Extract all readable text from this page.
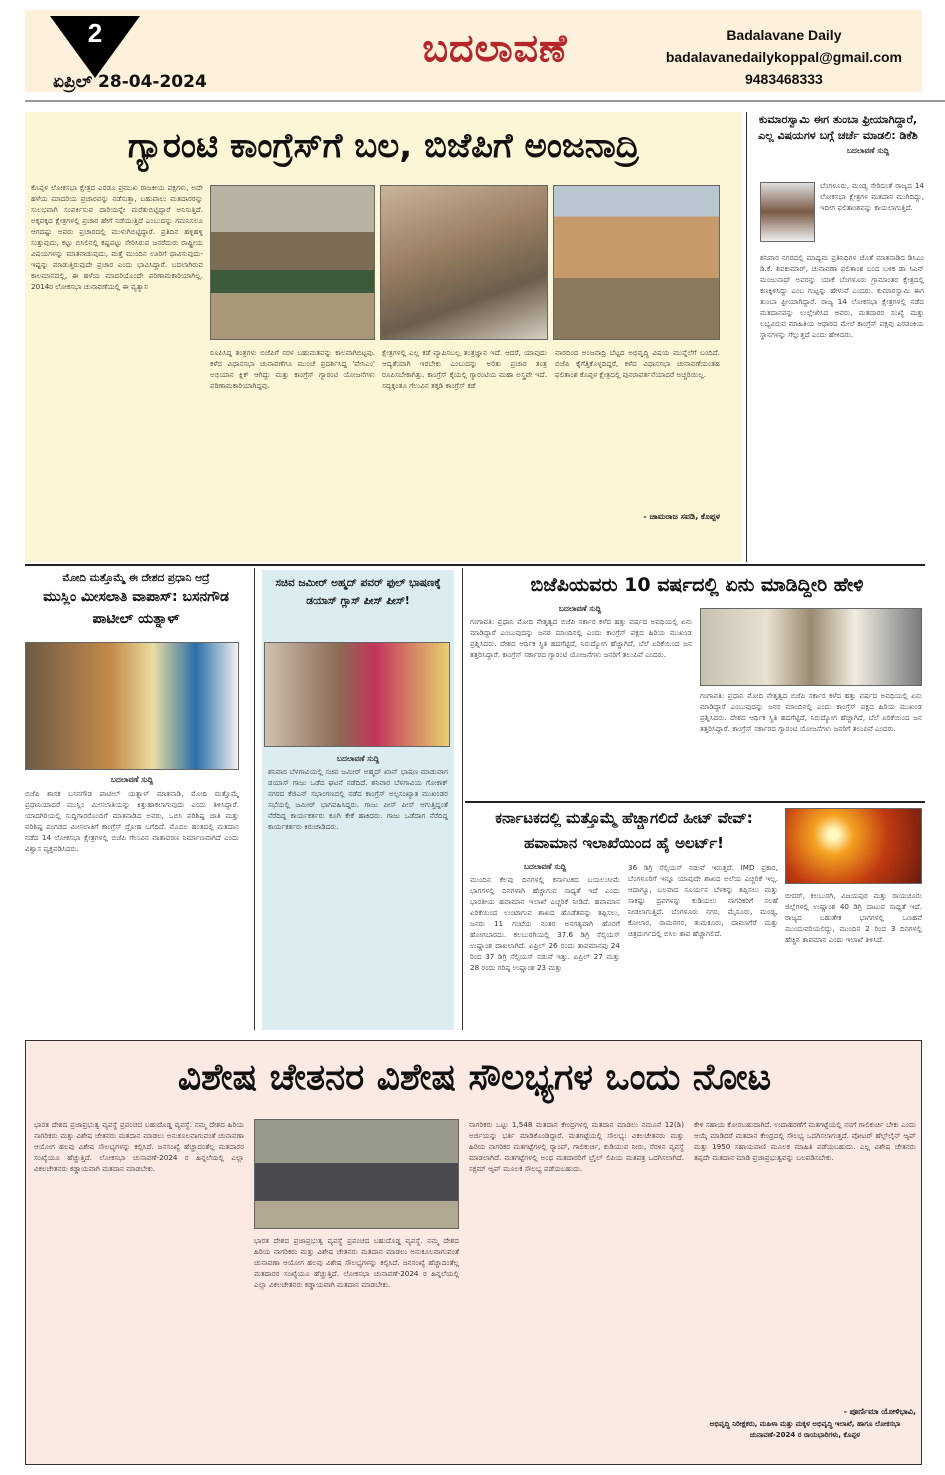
2
ಏಪ್ರಿಲ್ 28-04-2024
ಬದಲಾವಣೆ	Badalavane Daily
badalavanedailykoppal@gmail.com
9483468333
ಗ್ಯಾರಂಟಿ ಕಾಂಗ್ರೆಸ್‌ಗೆ ಬಲ, ಬಿಜೆಪಿಗೆ ಅಂಜನಾದ್ರಿ
ಕೊಪ್ಪಳ ಲೋಕಸಭಾ ಕ್ಷೇತ್ರದ ಎರಡೂ ಪ್ರಮುಖ ರಾಜಕೀಯ ಪಕ್ಷಗಳು, ಅದೇ ಹಳೆಯ ಮಾದರಿಯ ಪ್ರಚಾರವನ್ನು ನಡೆಸುತ್ತಾ, ಬಹುಪಾಲು ಮತದಾರರನ್ನು ಸುಲಭವಾಗಿ ಸಂಪರ್ಕಿಸುವ ದಾರಿಯನ್ನೇ ಮರೆತುಬಿಟ್ಟಿದ್ದಾರೆ ಅನಿಸುತ್ತಿದೆ. ಅಕ್ಕಪಕ್ಕದ ಕ್ಷೇತ್ರಗಳಲ್ಲಿ ಪ್ರಚಾರ ಹೇಗೆ ನಡೆಯುತ್ತಿದೆ ಎಂಬುದನ್ನು ಗಮನಿಸಲೂ ಆಗದಷ್ಟು ಅವರು ಪ್ರಚಾರದಲ್ಲಿ ಮುಳುಗಿಬಿಟ್ಟಿದ್ದಾರೆ. ಪ್ರತಿದಿನ ಹಳ್ಳಿಹಳ್ಳಿ ಸುತ್ತುವುದು, ಕಟ್ಟು ಬಿಸಿಲಿನಲ್ಲಿ ಕಷ್ಟಪಟ್ಟು ಸೇರಿಸಿರುವ ಜನರೆದುರು ರಾಷ್ಟ್ರೀಯ ವಿಷಯಗಳನ್ನು ಮಾತನಾಡುವುದು, ಮತ್ತೆ ಮುಂದಿನ ಊರಿಗೆ ಧಾವಿಸುವುದು- ಇಷ್ಟನ್ನು ಮಾಡುತ್ತಿರುವುದೇ ಪ್ರಚಾರ ಎಂದು ಭಾವಿಸಿದ್ದಾರೆ. ಬದಲಾಗಿರುವ ಕಾಲಮಾನದಲ್ಲಿ, ಈ ಹಳೆಯ ಮಾದರಿಯೊಂದೇ ಪರಿಣಾಮಕಾರಿಯಾಗಿಲ್ಲ. 2014ರ ಲೋಕಸಭಾ ಚುನಾವಣೆಯಲ್ಲಿ ಈ ವ್ಯತ್ಯಾಸ
ರೂಪಿಸಿದ್ದ ತಂತ್ರಗಳು ಬಿಜೆಪಿಗೆ ಸರಳ ಬಹುಮತವನ್ನು ಕಾಲವಾಗಿಬಿಟ್ಟವು. ಕಳೆದ ವಿಧಾನಸಭಾ ಚುನಾವಣೆಗೂ ಮುಂಚೆ ಪ್ರದರ್ಶಿಸಿದ್ದ 'ಪೇಸಿಎಂ' ಅಭಿಯಾನ ಕ್ಲಿಕ್ ಆಗಿದ್ದು ಮತ್ತು ಕಾಂಗ್ರೆಸ್ ಗ್ಯಾರಂಟಿ ಯೋಜನೆಗಳು ಪರಿಣಾಮಕಾರಿಯಾಗಿದ್ದವು.
ಕ್ಷೇತ್ರಗಳಲ್ಲಿ ಎಲ್ಲ ಕಡೆ ವ್ಯಾಪಿಸಬಲ್ಲ ತಂತ್ರಜ್ಞಾನ ಇದೆ. ಆದರೆ, ಯಾವುದು ಆದ್ಯತೆಯಾಗಿ ಇರಬೇಕು ಎಂಬುದನ್ನು ಅರಿತು ಪ್ರಚಾರ ತಂತ್ರ ರೂಪಿಸಬೇಕಾಗಿತ್ತು. ಕಾಂಗ್ರೆಸ್ ಕೈಯಲ್ಲಿ ಗ್ಯಾರಂಟಿಯ ಮಹಾ ಅಸ್ತ್ರವೇ ಇದೆ. ಸದ್ಯಕ್ಕಂತೂ ಗೆಲುವಿನ ತಕ್ಕಡಿ ಕಾಂಗ್ರೆಸ್ ಕಡೆ
ವಾರದಿಂದ ಅಂಜನಾದ್ರಿ ಬೆಟ್ಟದ ಅಭಿವೃದ್ಧಿ ವಿಷಯ ಮುನ್ನೆಲೆಗೆ ಬಂದಿದೆ. ಬಿಜೆಪಿ ಕೈಗೆತ್ತಿಕೊಳ್ಳದಿದ್ದರೆ, ಕಳೆದ ವಿಧಾನಸಭಾ ಚುನಾವಣೆಯಂತಹ ಫಲಿತಾಂಶ ಕೊಪ್ಪಳ ಕ್ಷೇತ್ರದಲ್ಲಿ ಪುನರಾವರ್ತನೆಯಾದರೆ ಅಚ್ಚರಿಯಿಲ್ಲ.
- ಚಾಮರಾಜ ಸವಡಿ, ಕೊಪ್ಪಳ
ಕುಮಾರಸ್ವಾಮಿ ಈಗ ತುಂಬಾ ಫ್ರೀಯಾಗಿದ್ದಾರೆ, ಎಲ್ಲ ವಿಷಯಗಳ ಬಗ್ಗೆ ಚರ್ಚೆ ಮಾಡಲಿ: ಡಿಕೆಶಿ
ಬದಲಾವಣೆ ಸುದ್ದಿ
ಬೆಂಗಳೂರು, ಮಂಡ್ಯ ಸೇರಿದಂತೆ ರಾಜ್ಯದ 14 ಲೋಕಸಭಾ ಕ್ಷೇತ್ರಗಳ ಮತದಾನ ಮುಗಿದಿದ್ದು, ಇದೀಗ ಫಲಿತಾಂಶವನ್ನು ಕಾಯಲಾಗುತ್ತಿದೆ.
ಶನಿವಾರ ನಗರದಲ್ಲಿ ಮಾಧ್ಯಮ ಪ್ರತಿನಿಧಿಗಳ ಜೊತೆ ಮಾತನಾಡಿದ ಡಿಸಿಎಂ ಡಿ.ಕೆ. ಶಿವಕುಮಾರ್, ಚುನಾವಣಾ ಫಲಿತಾಂಶ ಬಂದ ಬಳಿಕ ಡಾ ಸಿಎನ್ ಮಂಜುನಾಥ್ ಅವರನ್ನು ಯಾಕೆ ಬೆಂಗಳೂರು ಗ್ರಾಮಾಂತರ ಕ್ಷೇತ್ರದಲ್ಲಿ ಕಣಕ್ಕಿಳಿಸಿದ್ದು ಎಂಬ ಗುಟ್ಟನ್ನು ಹೇಳುವೆ ಎಂದರು. ಕುಮಾರಸ್ವಾಮಿ ಈಗ ತುಂಬಾ ಫ್ರೀಯಾಗಿದ್ದಾರೆ. ರಾಜ್ಯ 14 ಲೋಕಸಭಾ ಕ್ಷೇತ್ರಗಳಲ್ಲಿ ನಡೆದ ಮತದಾನವನ್ನು ಉಲ್ಲೇಖಿಸಿದ ಅವರು, ಮತದಾರರ ಸಂಖ್ಯೆ ಮತ್ತು ಲಭ್ಯವಿರುವ ಮಾಹಿತಿಯ ಆಧಾರದ ಮೇಲೆ ಕಾಂಗ್ರೆಸ್ ಪಕ್ಷವು ಎರಡಂಕಿಯ ಸ್ಥಾನಗಳನ್ನು ಗೆಲ್ಲುತ್ತದೆ ಎಂದು ಹೇಳಿದರು.
ಮೋದಿ ಮತ್ತೊಮ್ಮೆ ಈ ದೇಶದ ಪ್ರಧಾನಿ ಆದ್ರೆ
ಮುಸ್ಲಿಂ ಮೀಸಲಾತಿ ವಾಪಾಸ್: ಬಸನಗೌಡ ಪಾಟೀಲ್ ಯತ್ನಾಳ್
ಬದಲಾವಣೆ ಸುದ್ದಿ
ಬಿಜೆಪಿ ಶಾಸಕ ಬಸನಗೌಡ ಪಾಟೀಲ್ ಯತ್ನಾಳ್ ಮಾತನಾಡಿ, ಮೋದಿ ಮತ್ತೊಮ್ಮೆ ಪ್ರಧಾನಿಯಾದರೆ ಮುಸ್ಲಿಂ ಮೀಸಲಾತಿಯನ್ನು ಕಿತ್ತುಹಾಕಲಾಗುವುದು ಎಂದು ತಿಳಿಸಿದ್ದಾರೆ. ಯಾದಗಿರಿಯಲ್ಲಿ ಸುದ್ದಿಗಾರರೊಂದಿಗೆ ಮಾತನಾಡಿದ ಅವರು, ಒಬಿಸಿ ಪರಿಶಿಷ್ಟ ಜಾತಿ ಮತ್ತು ಪರಿಶಿಷ್ಟ ಪಂಗಡದ ಮೀಸಲಾತಿಗೆ ಕಾಂಗ್ರೆಸ್ ದ್ರೋಹ ಬಗೆದಿದೆ. ಮೊದಲ ಹಂತದಲ್ಲಿ ಮತದಾನ ನಡೆದ 14 ಲೋಕಸಭಾ ಕ್ಷೇತ್ರಗಳಲ್ಲಿ ಬಿಜೆಪಿ ಗೆಲುವಿನ ವಾತಾವರಣ ನಿರ್ಮಾಣವಾಗಿದೆ ಎಂದು ವಿಶ್ವಾಸ ವ್ಯಕ್ತಪಡಿಸಿದರು.
ಸಚಿವ ಜಮೀರ್ ಅಹ್ಮದ್ ಪವರ್ ಫುಲ್ ಭಾಷಣಕ್ಕೆ ಡಯಾಸ್ ಗ್ಲಾಸ್ ಪೀಸ್ ಪೀಸ್!
ಬದಲಾವಣೆ ಸುದ್ದಿ
ಶನಿವಾರ ಬೆಳಗಾವಿಯಲ್ಲಿ ಸಚಿವ ಜಮೀರ್ ಅಹ್ಮದ್ ಖಾನ್ ಭಾಷಣ ಮಾಡುವಾಗ ಡಯಾಸ್ ಗಾಜು ಒಡೆದ ಘಟನೆ ನಡೆದಿದೆ. ಶನಿವಾರ ಬೆಳಗಾವಿಯ ಗೋಕಾಕ್ ನಗರದ ಕೆಜಿಎನ್ ಸಭಾಂಗಣದಲ್ಲಿ ನಡೆದ ಕಾಂಗ್ರೆಸ್ ಅಲ್ಪಸಂಖ್ಯಾತ ಮುಖಂಡರ ಸಭೆಯಲ್ಲಿ ಜಮೀರ್ ಭಾಗವಹಿಸಿದ್ದರು. ಗಾಜು ಪೀಸ್ ಪೀಸ್ ಆಗುತ್ತಿದ್ದಂತೆ ನೆರೆದಿದ್ದ ಕಾರ್ಯಕರ್ತರು ಕೂಗಿ ಕೇಕೆ ಹಾಕಿದರು. ಗಾಜು ಒಡೆದಾಗ ನೆರೆದಿದ್ದ ಕಾರ್ಯಕರ್ತರು ಕಿರುಚಾಡಿದರು.
ಬಿಜೆಪಿಯವರು 10 ವರ್ಷದಲ್ಲಿ ಏನು ಮಾಡಿದ್ದೀರಿ ಹೇಳಿ
ಬದಲಾವಣೆ ಸುದ್ದಿ
ಗಂಗಾವತಿ: ಪ್ರಧಾನಿ ಮೋದಿ ನೇತೃತ್ವದ ಬಿಜೆಪಿ ಸರ್ಕಾರ ಕಳೆದ ಹತ್ತು ವರ್ಷದ ಅವಧಿಯಲ್ಲಿ ಏನು ಮಾಡಿದ್ದಾರೆ ಎಂಬುವುದನ್ನು ಜನರ ಮಾಂದಿನಲ್ಲಿ ಎಂದು ಕಾಂಗ್ರೆಸ್ ಪಕ್ಷದ ಹಿರಿಯ ಮುಖಂಡ ಪ್ರಶ್ನಿಸಿದರು. ದೇಶದ ಆರ್ಥಿಕ ಸ್ಥಿತಿ ಹದಗೆಟ್ಟಿದೆ, ನಿರುದ್ಯೋಗ ಹೆಚ್ಚಾಗಿದೆ, ಬೆಲೆ ಏರಿಕೆಯಿಂದ ಜನ ತತ್ತರಿಸಿದ್ದಾರೆ. ಕಾಂಗ್ರೆಸ್ ಸರ್ಕಾರದ ಗ್ಯಾರಂಟಿ ಯೋಜನೆಗಳು ಜನರಿಗೆ ತಲುಪಿವೆ ಎಂದರು.
ಗಂಗಾವತಿ: ಪ್ರಧಾನಿ ಮೋದಿ ನೇತೃತ್ವದ ಬಿಜೆಪಿ ಸರ್ಕಾರ ಕಳೆದ ಹತ್ತು ವರ್ಷದ ಅವಧಿಯಲ್ಲಿ ಏನು ಮಾಡಿದ್ದಾರೆ ಎಂಬುವುದನ್ನು ಜನರ ಮಾಂದಿನಲ್ಲಿ ಎಂದು ಕಾಂಗ್ರೆಸ್ ಪಕ್ಷದ ಹಿರಿಯ ಮುಖಂಡ ಪ್ರಶ್ನಿಸಿದರು. ದೇಶದ ಆರ್ಥಿಕ ಸ್ಥಿತಿ ಹದಗೆಟ್ಟಿದೆ, ನಿರುದ್ಯೋಗ ಹೆಚ್ಚಾಗಿದೆ, ಬೆಲೆ ಏರಿಕೆಯಿಂದ ಜನ ತತ್ತರಿಸಿದ್ದಾರೆ. ಕಾಂಗ್ರೆಸ್ ಸರ್ಕಾರದ ಗ್ಯಾರಂಟಿ ಯೋಜನೆಗಳು ಜನರಿಗೆ ತಲುಪಿವೆ ಎಂದರು.
ಕರ್ನಾಟಕದಲ್ಲಿ ಮತ್ತೊಮ್ಮೆ ಹೆಚ್ಚಾಗಲಿದೆ ಹೀಟ್ ವೇವ್: ಹವಾಮಾನ ಇಲಾಖೆಯಿಂದ ಹೈ ಅಲರ್ಟ್!
ಬದಲಾವಣೆ ಸುದ್ದಿ
ಮುಂದಿನ ಕೆಲವು ದಿನಗಳಲ್ಲಿ ಕರ್ನಾಟಕದ ಬಯಲುಸೀಮೆ ಭಾಗಗಳಲ್ಲಿ ದಿನಗಳಾಗಿ ಹೆಚ್ಚಾಗುವ ಸಾಧ್ಯತೆ ಇದೆ ಎಂದು ಭಾರತೀಯ ಹವಾಮಾನ ಇಲಾಖೆ ಎಚ್ಚರಿಕೆ ನೀಡಿದೆ. ಹವಾಮಾನ ಏರಿಕೆಯಿಂದ ಉಂಟಾಗುವ ಶಾಖದ ಹೊಡೆತವನ್ನು ತಪ್ಪಿಸಲು, ಜನರು 11 ಗಂಟೆಯ ನಂತರ ಅನಗತ್ಯವಾಗಿ ಹೊರಗೆ ಹೋಗಬಾರದು. ಕಲಬುರಗಿಯಲ್ಲಿ 37.6 ಡಿಗ್ರಿ ಸೆಲ್ಸಿಯಸ್ ಉಷ್ಣಾಂಶ ದಾಖಲಾಗಿದೆ. ಏಪ್ರಿಲ್ 26 ರಂದು ತಾಪಮಾನವು 24 ರಿಂದ 37 ಡಿಗ್ರಿ ಸೆಲ್ಸಿಯಸ್ ನಡುವೆ ಇತ್ತು. ಏಪ್ರಿಲ್ 27 ಮತ್ತು 28 ರಂದು ಗರಿಷ್ಠ ಉಷ್ಣಾಂಶ 23 ಮತ್ತು
36 ಡಿಗ್ರಿ ಸೆಲ್ಸಿಯಸ್ ನಡುವೆ ಇರುತ್ತದೆ. IMD ಪ್ರಕಾರ, ಬೆಂಗಳೂರಿಗೆ ಇನ್ನೂ ಯಾವುದೇ ಶಾಖದ ಅಲೆಯ ಎಚ್ಚರಿಕೆ ಇಲ್ಲ. ಆದಾಗ್ಯೂ, ಬಲವಾದ ಸೂರ್ಯನ ಬೆಳಕನ್ನು ತಪ್ಪಿಸಲು ಮತ್ತು ಸಾಕಷ್ಟು ದ್ರವಗಳನ್ನು ಕುಡಿಯಲು ನಾಗರಿಕರಿಗೆ ಸಲಹೆ ನೀಡಲಾಗುತ್ತಿದೆ. ಬೆಂಗಳೂರು ನಗರ, ಮೈಸೂರು, ಮಂಡ್ಯ, ಕೋಲಾರ, ರಾಮನಗರ, ತುಮಕೂರು, ದಾವಣಗೆರೆ ಮತ್ತು ಚಿತ್ರದುರ್ಗದಲ್ಲಿ ಬಿಸಿಲ ತಾಪ ಹೆಚ್ಚಾಗಲಿದೆ.
ಬೀದರ್, ಕಲಬುರಗಿ, ವಿಜಯಪುರ ಮತ್ತು ರಾಯಚೂರು ಜಿಲ್ಲೆಗಳಲ್ಲಿ ಉಷ್ಣಾಂಶ 40 ಡಿಗ್ರಿ ದಾಟುವ ಸಾಧ್ಯತೆ ಇದೆ. ರಾಜ್ಯದ ಬಹುತೇಕ ಭಾಗಗಳಲ್ಲಿ ಒಣಹವೆ ಮುಂದುವರಿಯಲಿದ್ದು, ಮುಂದಿನ 2 ರಿಂದ 3 ದಿನಗಳಲ್ಲಿ ಹೆಚ್ಚಿನ ತಾಪಮಾನ ಎಂದು ಇಲಾಖೆ ತಿಳಿಸಿದೆ.
ವಿಶೇಷ ಚೇತನರ ವಿಶೇಷ ಸೌಲಭ್ಯಗಳ ಒಂದು ನೋಟ
ಭಾರತ ದೇಶದ ಪ್ರಜಾಪ್ರಭುತ್ವ ವ್ಯವಸ್ಥೆ ಪ್ರಪಂಚದ ಬಹುದೊಡ್ಡ ವ್ಯವಸ್ಥೆ. ನಮ್ಮ ದೇಶದ ಹಿರಿಯ ನಾಗರಿಕರು ಮತ್ತು ವಿಶೇಷ ಚೇತನರು ಮತದಾನ ಮಾಡಲು ಅನುಕೂಲವಾಗುವಂತೆ ಚುನಾವಣಾ ಆಯೋಗ ಹಲವು ವಿಶೇಷ ಸೌಲಭ್ಯಗಳನ್ನು ಕಲ್ಪಿಸಿದೆ. ಜನಸಂಖ್ಯೆ ಹೆಚ್ಚಾದಂತೆಲ್ಲ ಮತದಾರರ ಸಂಖ್ಯೆಯೂ ಹೆಚ್ಚುತ್ತಿದೆ. ಲೋಕಸಭಾ ಚುನಾವಣೆ-2024 ರ ಹಿನ್ನಲೆಯಲ್ಲಿ ಎಲ್ಲಾ ವಿಕಲಚೇತನರು ಕಡ್ಡಾಯವಾಗಿ ಮತದಾನ ಮಾಡಬೇಕು.
ಭಾರತ ದೇಶದ ಪ್ರಜಾಪ್ರಭುತ್ವ ವ್ಯವಸ್ಥೆ ಪ್ರಪಂಚದ ಬಹುದೊಡ್ಡ ವ್ಯವಸ್ಥೆ. ನಮ್ಮ ದೇಶದ ಹಿರಿಯ ನಾಗರಿಕರು ಮತ್ತು ವಿಶೇಷ ಚೇತನರು ಮತದಾನ ಮಾಡಲು ಅನುಕೂಲವಾಗುವಂತೆ ಚುನಾವಣಾ ಆಯೋಗ ಹಲವು ವಿಶೇಷ ಸೌಲಭ್ಯಗಳನ್ನು ಕಲ್ಪಿಸಿದೆ. ಜನಸಂಖ್ಯೆ ಹೆಚ್ಚಾದಂತೆಲ್ಲ ಮತದಾರರ ಸಂಖ್ಯೆಯೂ ಹೆಚ್ಚುತ್ತಿದೆ. ಲೋಕಸಭಾ ಚುನಾವಣೆ-2024 ರ ಹಿನ್ನಲೆಯಲ್ಲಿ ಎಲ್ಲಾ ವಿಕಲಚೇತನರು ಕಡ್ಡಾಯವಾಗಿ ಮತದಾನ ಮಾಡಬೇಕು.
ನಾಗರಿಕರು ಒಟ್ಟು 1,548 ಮತದಾನ ಕೇಂದ್ರಗಳಲ್ಲಿ ಮತದಾನ ಮಾಡಲು ನಮೂನೆ 12(ಡಿ) ಅರ್ಜಿಯನ್ನು ಭರ್ತಿ ಮಾಡಿಕೊಂಡಿದ್ದಾರೆ. ಮತಗಟ್ಟೆಯಲ್ಲಿ ಸೌಲಭ್ಯ: ವಿಕಲಚೇತನರು ಮತ್ತು ಹಿರಿಯ ನಾಗರಿಕರ ಮತಗಟ್ಟೆಗಳಲ್ಲಿ ರ‍್ಯಾಂಪ್, ಗಾಲಿಕುರ್ಚಿ, ಕುಡಿಯುವ ನೀರು, ನೆರಳಿನ ವ್ಯವಸ್ಥೆ ಮಾಡಲಾಗಿದೆ. ಮತಗಟ್ಟೆಗಳಲ್ಲಿ ಅಂಧ ಮತದಾರರಿಗೆ ಬ್ರೈಲ್ ಲಿಪಿಯ ಮತಪತ್ರ ಒದಗಿಸಲಾಗಿದೆ. ಸಕ್ಷಮ್ ಆ್ಯಪ್ ಮೂಲಕ ಸೌಲಭ್ಯ ಪಡೆಯಬಹುದು.
ಕೇಳಿ ಸಹಾಯ ಕೋರಬಹುದಾಗಿದೆ. ಉದಾಹರಣೆಗೆ ಮತಗಟ್ಟೆಯಲ್ಲಿ ನನಗೆ ಗಾಲಿಕುರ್ಚಿ ಬೇಕು ಎಂದು ಆಯ್ಕೆ ಮಾಡಿದರೆ ಮತದಾನ ಕೇಂದ್ರದಲ್ಲಿ ಸೌಲಭ್ಯ ಒದಗಿಸಲಾಗುತ್ತದೆ. ವೋಟರ್ ಹೆಲ್ಪ್‌ಲೈನ್ ಆ್ಯಪ್ ಮತ್ತು 1950 ಸಹಾಯವಾಣಿ ಮೂಲಕ ಮಾಹಿತಿ ಪಡೆಯಬಹುದು. ಎಲ್ಲ ವಿಶೇಷ ಚೇತನರು ತಪ್ಪದೇ ಮತದಾನ ಮಾಡಿ ಪ್ರಜಾಪ್ರಭುತ್ವವನ್ನು ಬಲಪಡಿಸಬೇಕು.
- ಪೂರ್ಣಿಮಾ ಯೋಳಿಭಾವಿ,
ಅಭಿವೃದ್ಧಿ ನಿರೀಕ್ಷಕರು, ಮಹಿಳಾ ಮತ್ತು ಮಕ್ಕಳ ಅಭಿವೃದ್ಧಿ ಇಲಾಖೆ, ಹಾಗೂ ಲೋಕಸಭಾ ಚುನಾವಣೆ-2024 ರ ರಾಯಭಾರಿಗಳು, ಕೊಪ್ಪಳ
